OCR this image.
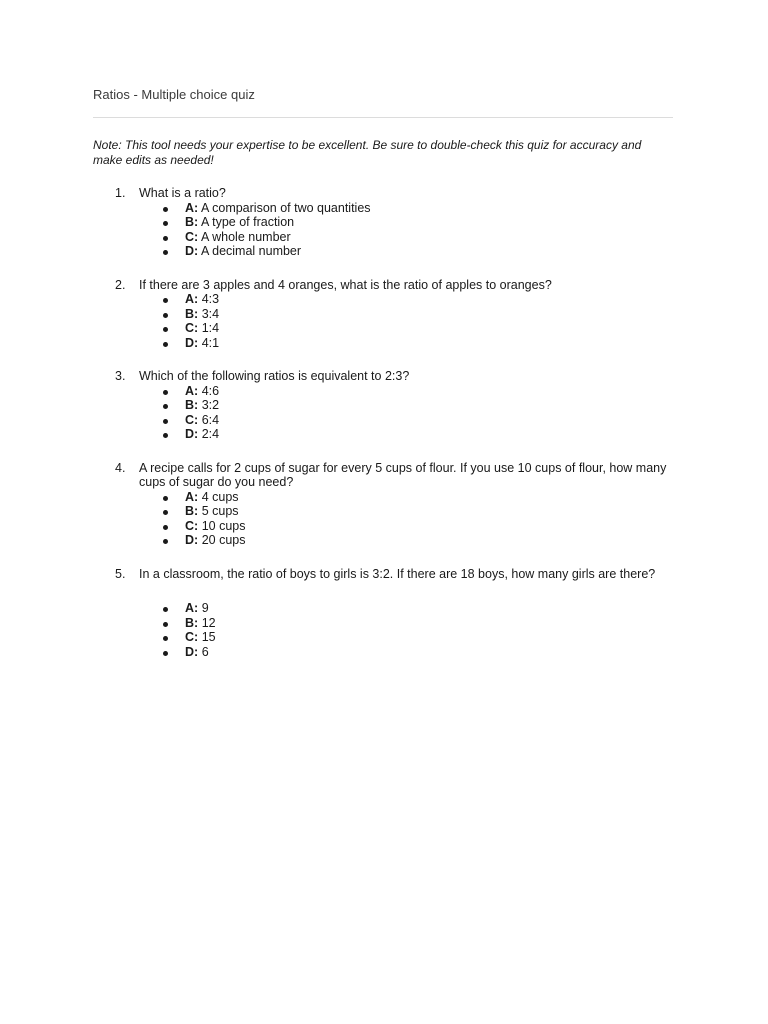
Ratios - Multiple choice quiz
Note: This tool needs your expertise to be excellent. Be sure to double-check this quiz for accuracy and make edits as needed!
1. What is a ratio?
A: A comparison of two quantities
B: A type of fraction
C: A whole number
D: A decimal number
2. If there are 3 apples and 4 oranges, what is the ratio of apples to oranges?
A: 4:3
B: 3:4
C: 1:4
D: 4:1
3. Which of the following ratios is equivalent to 2:3?
A: 4:6
B: 3:2
C: 6:4
D: 2:4
4. A recipe calls for 2 cups of sugar for every 5 cups of flour. If you use 10 cups of flour, how many cups of sugar do you need?
A: 4 cups
B: 5 cups
C: 10 cups
D: 20 cups
5. In a classroom, the ratio of boys to girls is 3:2. If there are 18 boys, how many girls are there?
A: 9
B: 12
C: 15
D: 6
